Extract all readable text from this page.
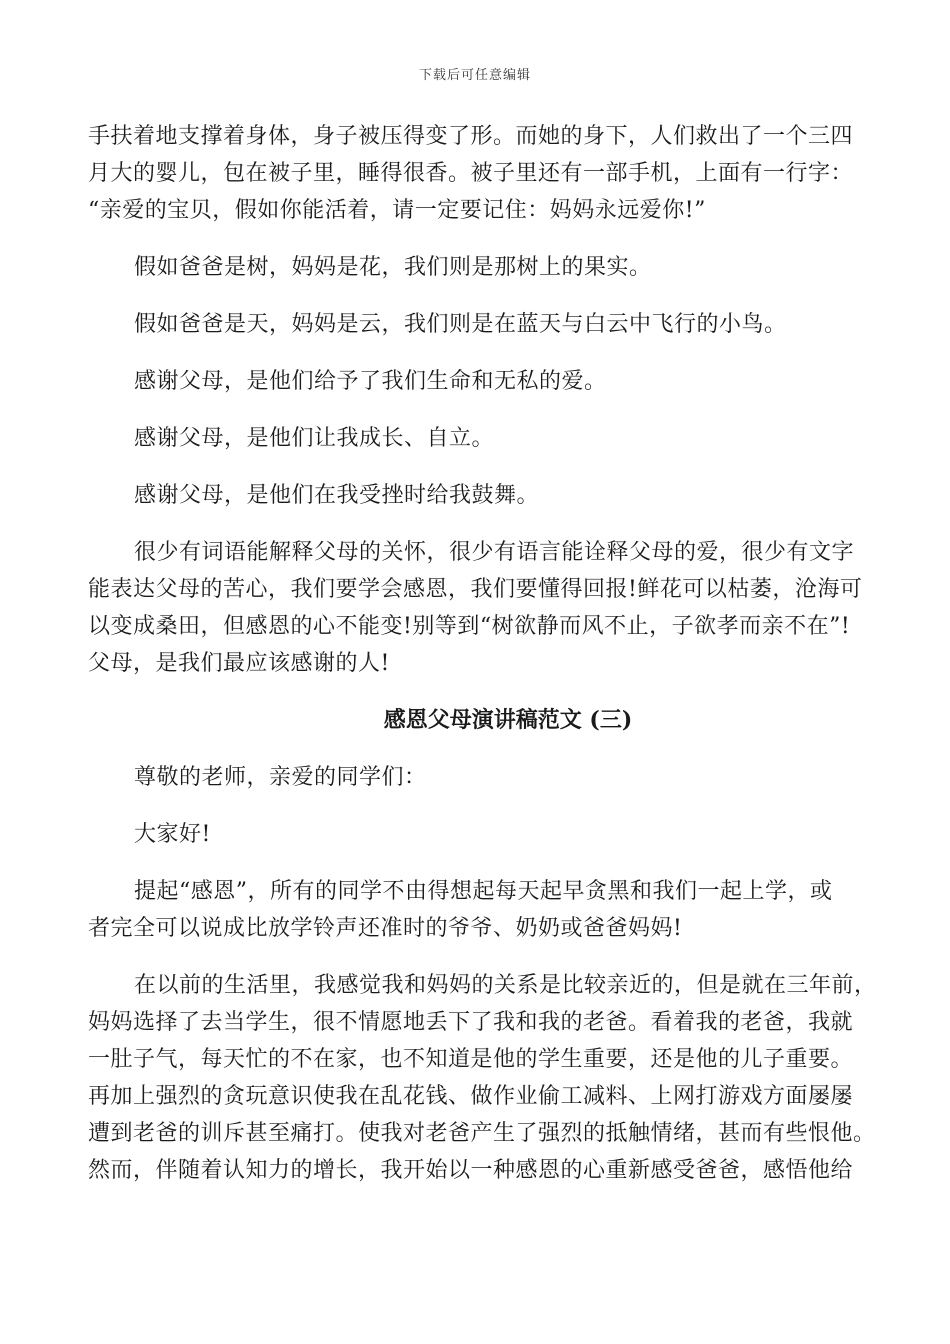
下载后可任意编辑

手扶着地支撑着身体，身子被压得变了形。而她的身下，人们救出了一个三四

月大的婴儿，包在被子里，睡得很香。被子里还有一部手机，上面有一行字：

“亲爱的宝贝，假如你能活着，请一定要记住：妈妈永远爱你!”

假如爸爸是树，妈妈是花，我们则是那树上的果实。

假如爸爸是天，妈妈是云，我们则是在蓝天与白云中飞行的小鸟。

感谢父母，是他们给予了我们生命和无私的爱。

感谢父母，是他们让我成长、自立。

感谢父母，是他们在我受挫时给我鼓舞。

很少有词语能解释父母的关怀，很少有语言能诠释父母的爱，很少有文字

能表达父母的苦心，我们要学会感恩，我们要懂得回报!鲜花可以枯萎，沧海可

以变成桑田，但感恩的心不能变!别等到“树欲静而风不止，子欲孝而亲不在”!

父母，是我们最应该感谢的人!

感恩父母演讲稿范文 (三)

尊敬的老师，亲爱的同学们：

大家好!

提起“感恩”，所有的同学不由得想起每天起早贪黑和我们一起上学，或

者完全可以说成比放学铃声还准时的爷爷、奶奶或爸爸妈妈!

在以前的生活里，我感觉我和妈妈的关系是比较亲近的，但是就在三年前，

妈妈选择了去当学生，很不情愿地丢下了我和我的老爸。看着我的老爸，我就

一肚子气，每天忙的不在家，也不知道是他的学生重要，还是他的儿子重要。

再加上强烈的贪玩意识使我在乱花钱、做作业偷工减料、上网打游戏方面屡屡

遭到老爸的训斥甚至痛打。使我对老爸产生了强烈的抵触情绪，甚而有些恨他。

然而，伴随着认知力的增长，我开始以一种感恩的心重新感受爸爸，感悟他给
